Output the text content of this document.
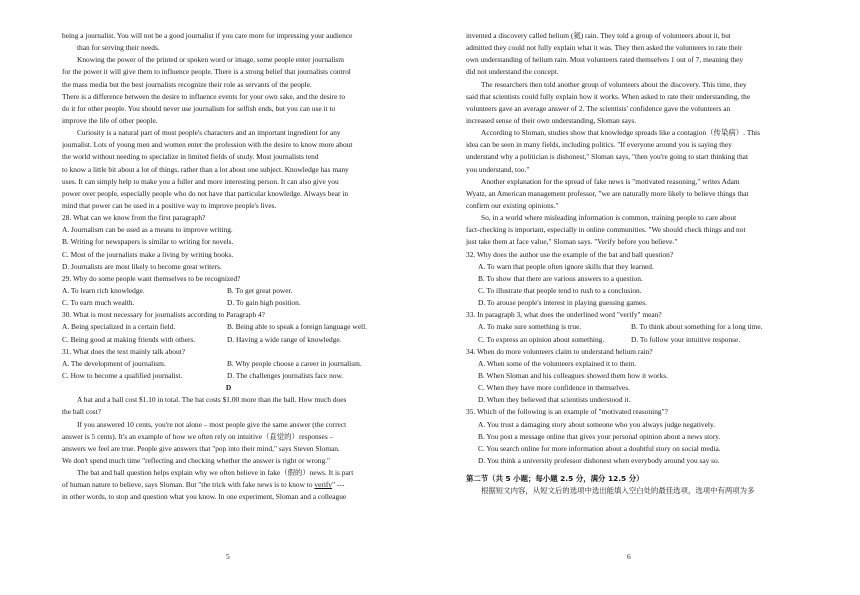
being a journalist. You will not be a good journalist if you care more for impressing your audience
than for serving their needs.
Knowing the power of the printed or spoken word or image, some people enter journalism
for the power it will give them to influence people. There is a strong belief that journalists control
the mass media but the best journalists recognize their role as servants of the people.
There is a difference between the desire to influence events for your own sake, and the desire to
do it for other people. You should never use journalism for selfish ends, but you can use it to
improve the life of other people.
Curiosity is a natural part of most people's characters and an important ingredient for any
journalist. Lots of young men and women enter the profession with the desire to know more about
the world without needing to specialize in limited fields of study. Most journalists tend
to know a little bit about a lot of things, rather than a lot about one subject. Knowledge has many
uses. It can simply help to make you a fuller and more interesting person. It can also give you
power over people, especially people who do not have that particular knowledge. Always bear in
mind that power can be used in a positive way to improve people's lives.
28. What can we know from the first paragraph?
A. Journalism can be used as a means to improve writing.
B. Writing for newspapers is similar to writing for novels.
C. Most of the journalists make a living by writing books.
D. Journalists are most likely to become great writers.
29. Why do some people want themselves to be recognized?
A. To learn rich knowledge.	B. To get great power.
C. To earn much wealth.	D. To gain high position.
30. What is most necessary for journalists according to Paragraph 4?
A. Being specialized in a certain field.	B. Being able to speak a foreign language well.
C. Being good at making friends with others.	D. Having a wide range of knowledge.
31. What does the text mainly talk about?
A. The development of journalism.	B. Why people choose a career in journalism.
C. How to become a qualified journalist.	D. The challenges journalists face now.
D
A bat and a ball cost $1.10 in total. The bat costs $1.00 more than the ball. How much does
the ball cost?
If you answered 10 cents, you're not alone – most people give the same answer (the correct
answer is 5 cents). It's an example of how we often rely on intuitive（直觉的）responses –
answers we feel are true. People give answers that "pop into their mind," says Steven Sloman.
We don't spend much time "reflecting and checking whether the answer is right or wrong."
The bat and ball question helps explain why we often believe in fake（假的）news. It is part
of human nature to believe, says Sloman. But "the trick with fake news is to know to verify" ---
in other words, to stop and question what you know. In one experiment, Sloman and a colleague
5
invented a discovery called helium (氦) rain. They told a group of volunteers about it, but
admitted they could not fully explain what it was. They then asked the volunteers to rate their
own understanding of helium rain. Most volunteers rated themselves 1 out of 7, meaning they
did not understand the concept.
The researchers then told another group of volunteers about the discovery. This time, they
said that scientists could fully explain how it works. When asked to rate their understanding, the
volunteers gave an average answer of 2. The scientists' confidence gave the volunteers an
increased sense of their own understanding, Sloman says.
According to Sloman, studies show that knowledge spreads like a contagion（传染病）. This
idea can be seen in many fields, including politics. "If everyone around you is saying they
understand why a politician is dishonest," Sloman says, "then you're going to start thinking that
you understand, too."
Another explanation for the spread of fake news is "motivated reasoning," writes Adam
Wyatz, an American management professor, "we are naturally more likely to believe things that
confirm our existing opinions."
So, in a world where misleading information is common, training people to care about
fact-checking is important, especially in online communities. "We should check things and not
just take them at face value," Sloman says. "Verify before you believe."
32. Why does the author use the example of the bat and ball question?
A. To warn that people often ignore skills that they learned.
B. To show that there are various answers to a question.
C. To illustrate that people tend to rush to a conclusion.
D. To arouse people's interest in playing guessing games.
33. In paragraph 3, what does the underlined word "verify" mean?
A. To make sure something is true.	B. To think about something for a long time.
C. To express an opinion about something.	D. To follow your intuitive response.
34. When do more volunteers claim to understand helium rain?
A. When some of the volunteers explained it to them.
B. When Sloman and his colleagues showed them how it works.
C. When they have more confidence in themselves.
D. When they believed that scientists understood it.
35. Which of the following is an example of "motivated reasoning"?
A. You trust a damaging story about someone who you always judge negatively.
B. You post a message online that gives your personal opinion about a news story.
C. You search online for more information about a doubtful story on social media.
D. You think a university professor dishonest when everybody around you say so.
第二节（共 5 小题；每小题 2.5 分，满分 12.5 分）
根据短文内容，从短文后的选项中选出能填入空白处的最佳选项，选项中有两项为多
6
